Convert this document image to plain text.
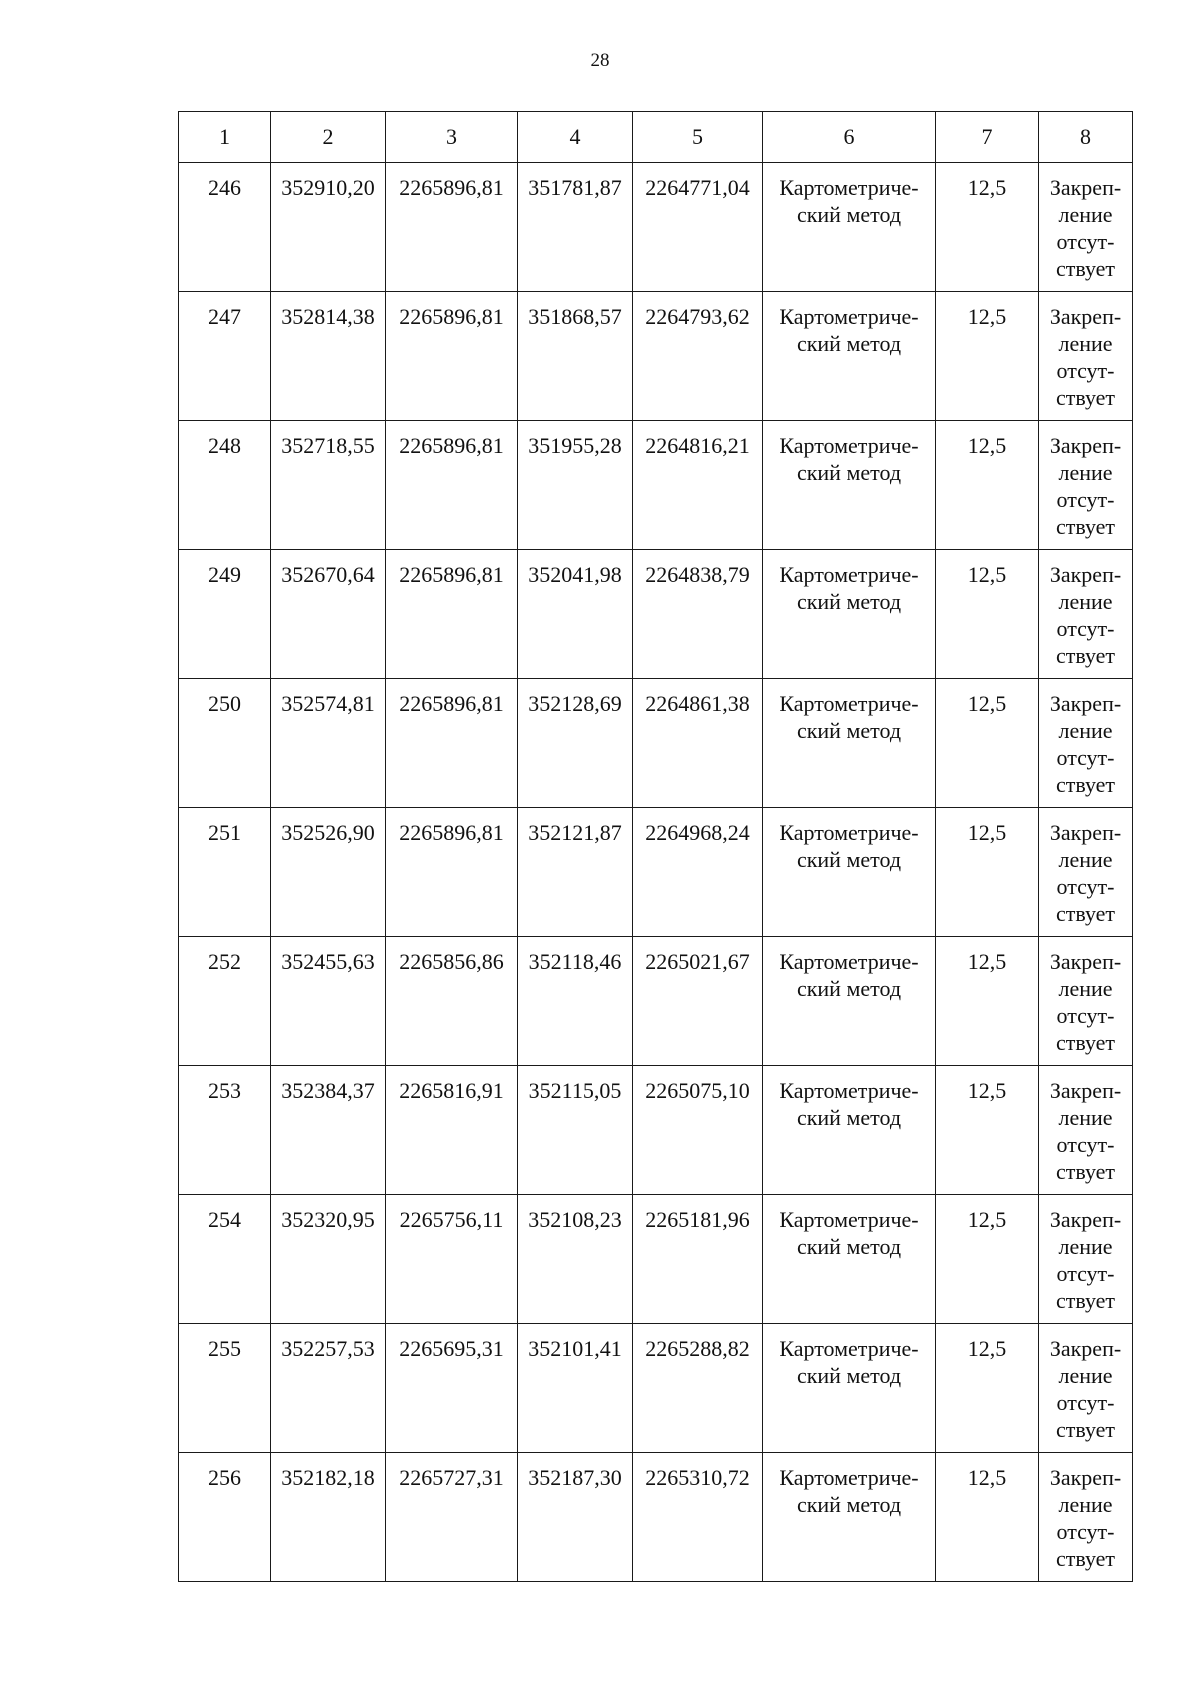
28
1	2	3	4	5	6	7	8
246	352910,20	2265896,81	351781,87	2264771,04	Картометриче-
ский метод	12,5	Закреп-
ление
отсут-
ствует

247	352814,38	2265896,81	351868,57	2264793,62	Картометриче-
ский метод	12,5	Закреп-
ление
отсут-
ствует

248	352718,55	2265896,81	351955,28	2264816,21	Картометриче-
ский метод	12,5	Закреп-
ление
отсут-
ствует

249	352670,64	2265896,81	352041,98	2264838,79	Картометриче-
ский метод	12,5	Закреп-
ление
отсут-
ствует

250	352574,81	2265896,81	352128,69	2264861,38	Картометриче-
ский метод	12,5	Закреп-
ление
отсут-
ствует

251	352526,90	2265896,81	352121,87	2264968,24	Картометриче-
ский метод	12,5	Закреп-
ление
отсут-
ствует

252	352455,63	2265856,86	352118,46	2265021,67	Картометриче-
ский метод	12,5	Закреп-
ление
отсут-
ствует

253	352384,37	2265816,91	352115,05	2265075,10	Картометриче-
ский метод	12,5	Закреп-
ление
отсут-
ствует

254	352320,95	2265756,11	352108,23	2265181,96	Картометриче-
ский метод	12,5	Закреп-
ление
отсут-
ствует

255	352257,53	2265695,31	352101,41	2265288,82	Картометриче-
ский метод	12,5	Закреп-
ление
отсут-
ствует

256	352182,18	2265727,31	352187,30	2265310,72	Картометриче-
ский метод	12,5	Закреп-
ление
отсут-
ствует
